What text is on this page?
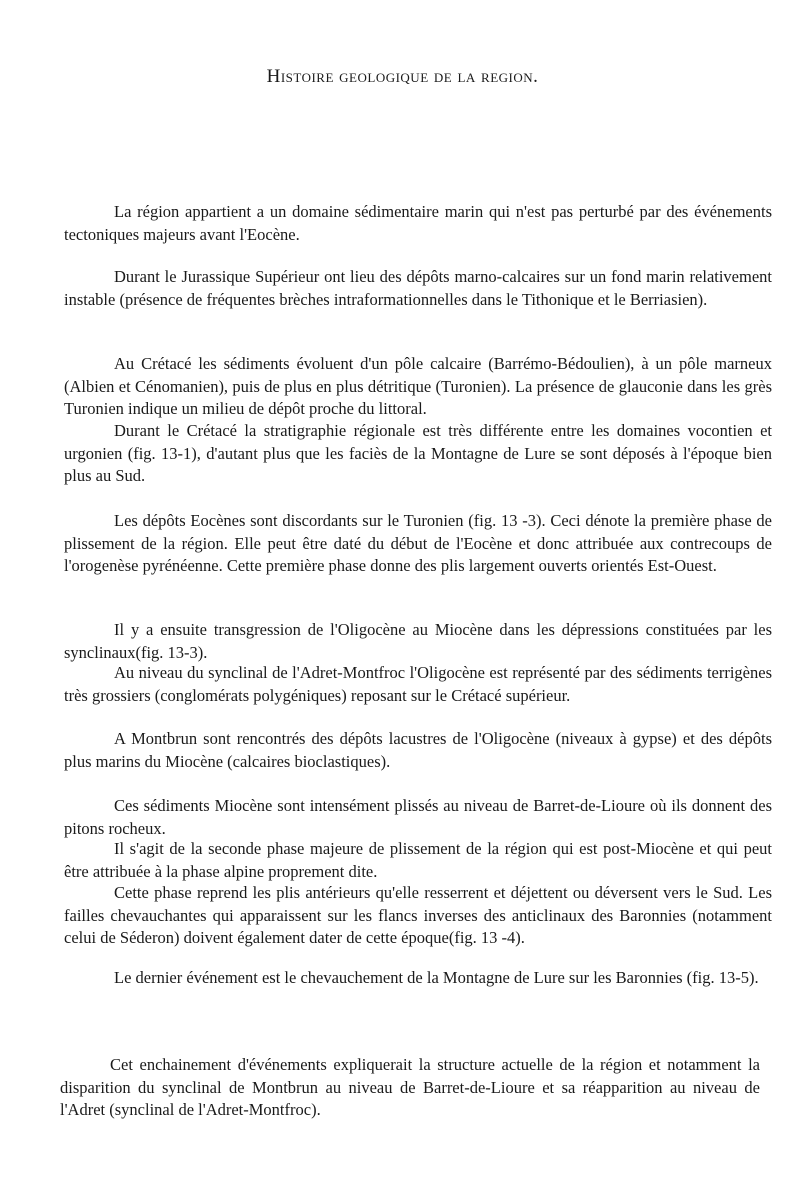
Histoire geologique de la region.

La région appartient a un domaine sédimentaire marin qui n'est pas perturbé par des événements tectoniques majeurs avant l'Eocène.

Durant le Jurassique Supérieur ont lieu des dépôts marno-calcaires sur un fond marin relativement instable (présence de fréquentes brèches intraformationnelles dans le Tithonique et le Berriasien).

Au Crétacé les sédiments évoluent d'un pôle calcaire (Barrémo-Bédoulien), à un pôle marneux (Albien et Cénomanien), puis de plus en plus détritique (Turonien). La présence de glauconie dans les grès Turonien indique un milieu de dépôt proche du littoral.

Durant le Crétacé la stratigraphie régionale est très différente entre les domaines vocontien et urgonien (fig. 13-1), d'autant plus que les faciès de la Montagne de Lure se sont déposés à l'époque bien plus au Sud.

Les dépôts Eocènes sont discordants sur le Turonien (fig. 13 -3). Ceci dénote la première phase de plissement de la région. Elle peut être daté du début de l'Eocène et donc attribuée aux contrecoups de l'orogenèse pyrénéenne. Cette première phase donne des plis largement ouverts orientés Est-Ouest.

Il y a ensuite transgression de l'Oligocène au Miocène dans les dépressions constituées par les synclinaux(fig. 13-3).

Au niveau du synclinal de l'Adret-Montfroc l'Oligocène est représenté par des sédiments terrigènes très grossiers (conglomérats polygéniques) reposant sur le Crétacé supérieur.

A Montbrun sont rencontrés des dépôts lacustres de l'Oligocène (niveaux à gypse) et des dépôts plus marins du Miocène (calcaires bioclastiques).

Ces sédiments Miocène sont intensément plissés au niveau de Barret-de-Lioure où ils donnent des pitons rocheux.

Il s'agit de la seconde phase majeure de plissement de la région qui est post-Miocène et qui peut être attribuée à la phase alpine proprement dite.

Cette phase reprend les plis antérieurs qu'elle resserrent et déjettent ou déversent vers le Sud. Les failles chevauchantes qui apparaissent sur les flancs inverses des anticlinaux des Baronnies (notamment celui de Séderon) doivent également dater de cette époque(fig. 13 -4).

Le dernier événement est le chevauchement de la Montagne de Lure sur les Baronnies (fig. 13-5).

Cet enchainement d'événements expliquerait la structure actuelle de la région et notamment la disparition du synclinal de Montbrun au niveau de Barret-de-Lioure et sa réapparition au niveau de l'Adret (synclinal de l'Adret-Montfroc).
